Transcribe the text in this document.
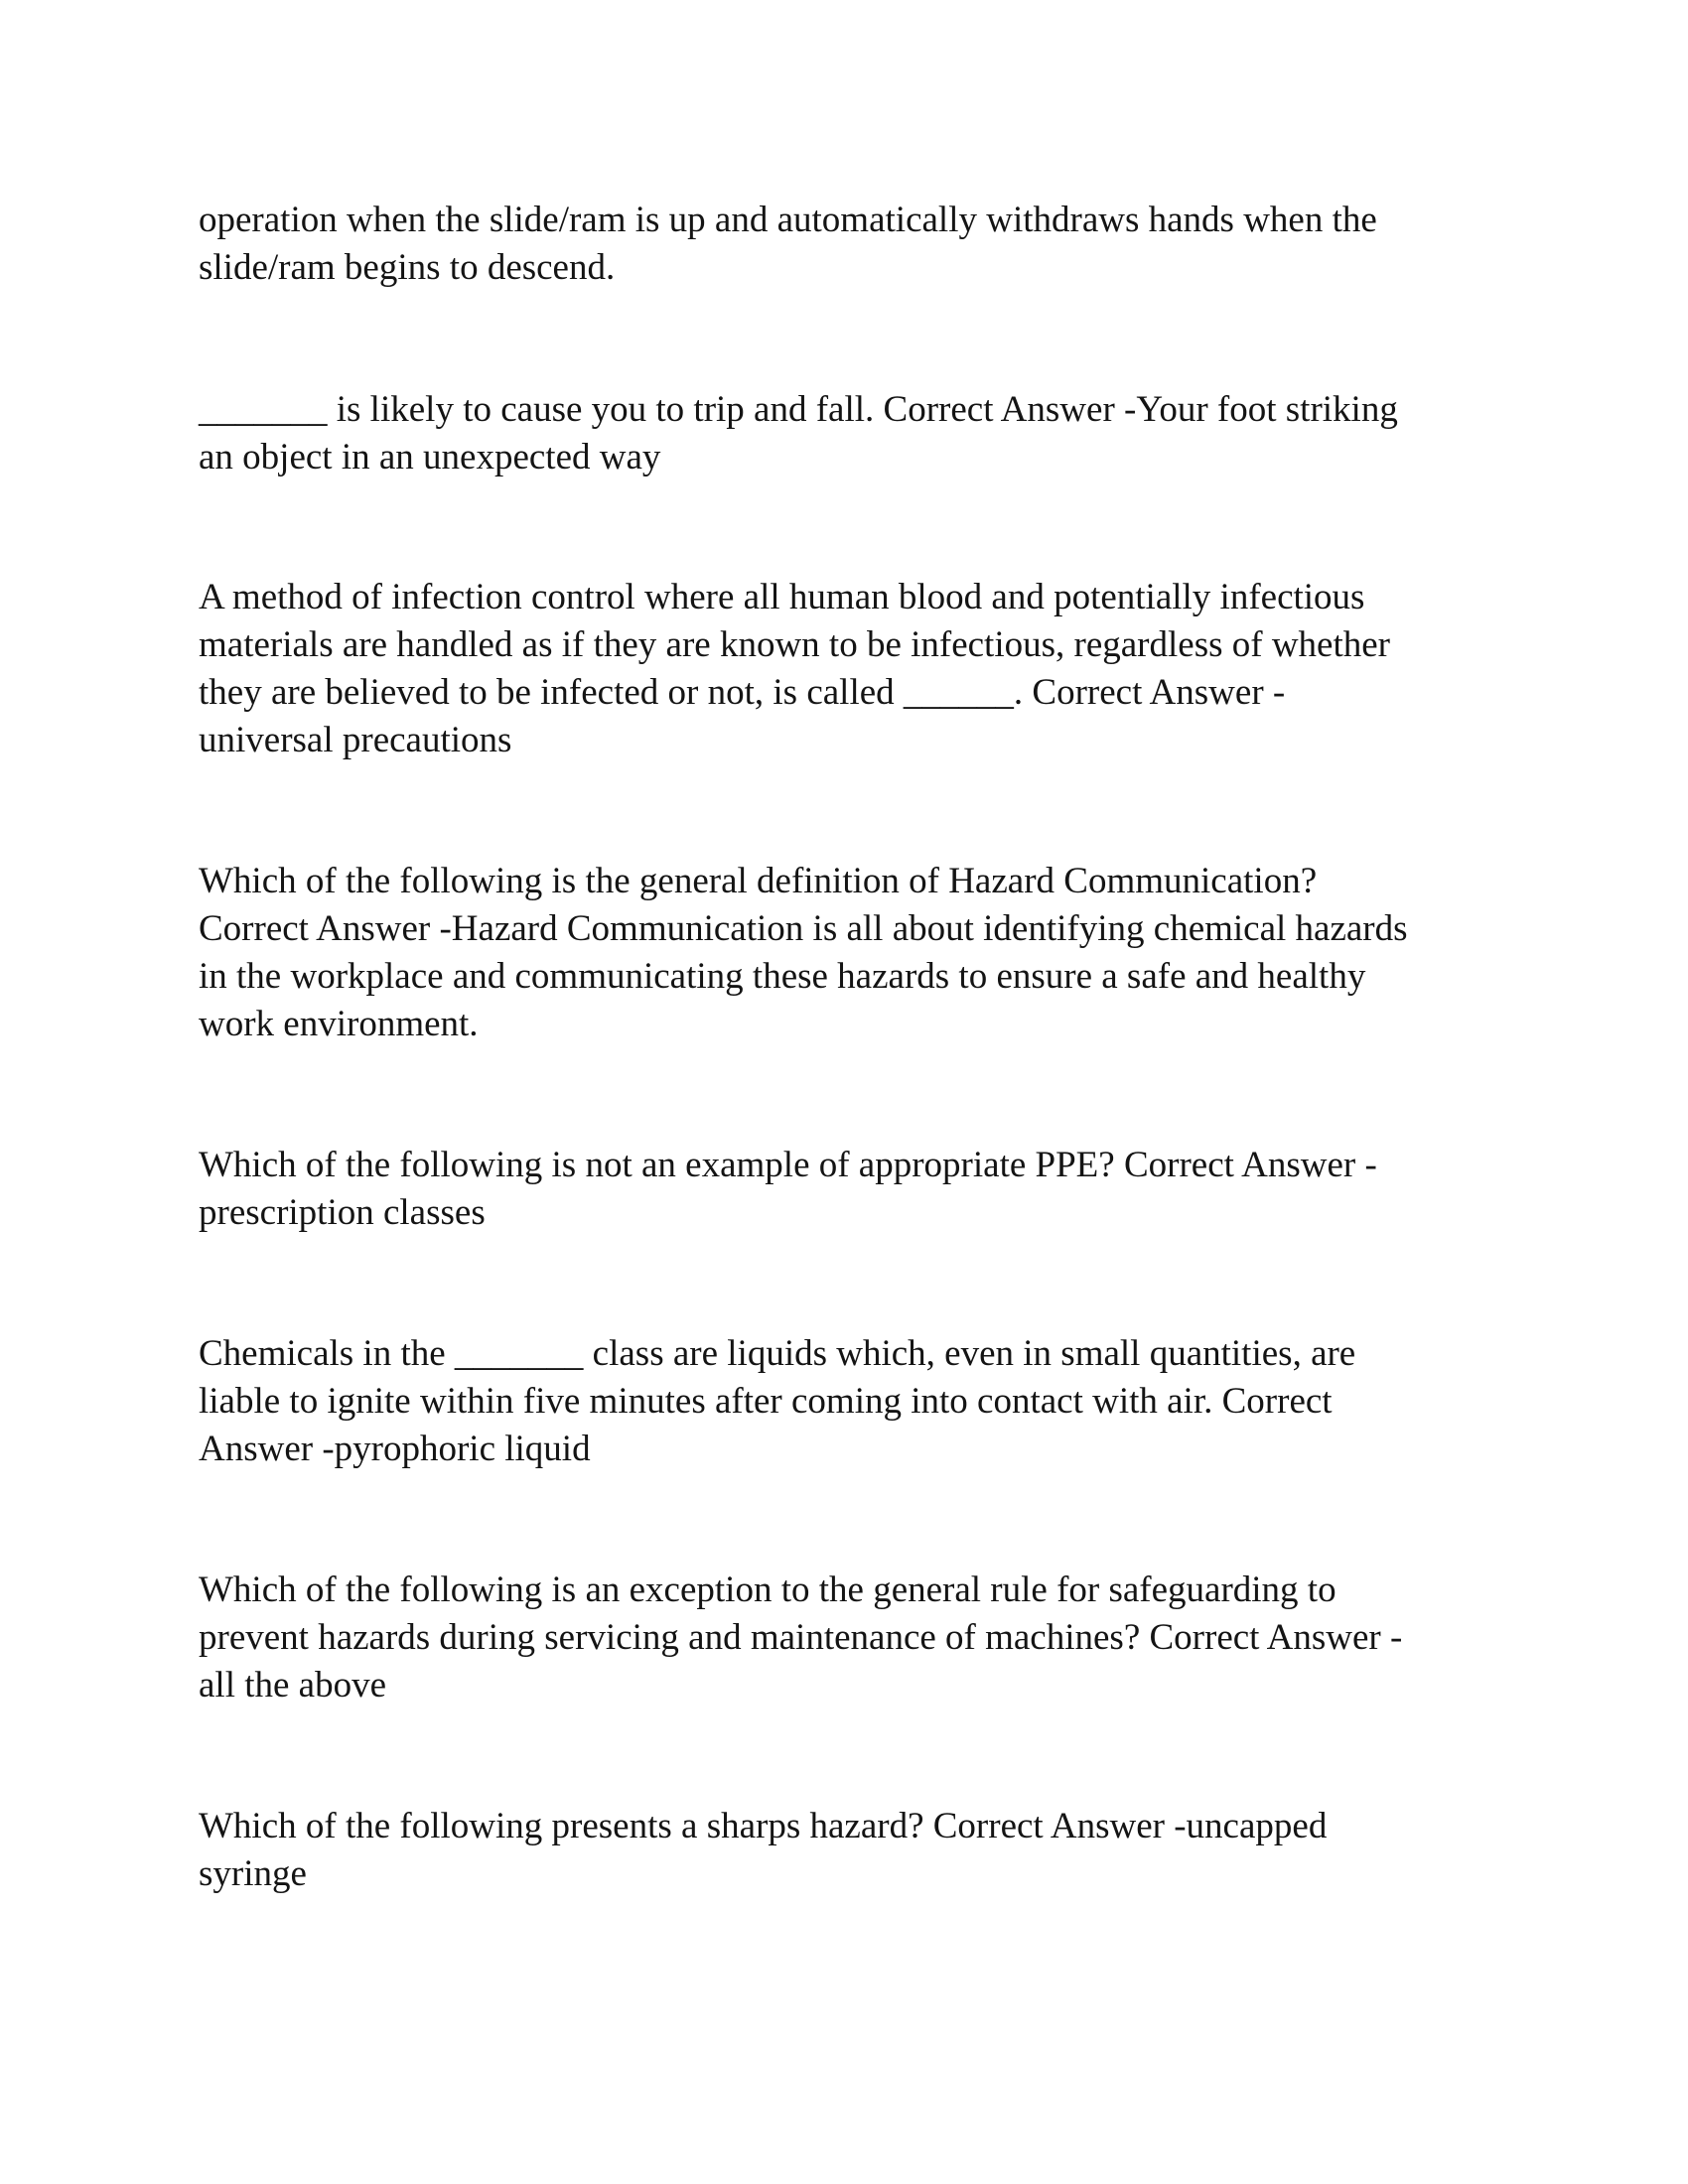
operation when the slide/ram is up and automatically withdraws hands when the
slide/ram begins to descend.

_______ is likely to cause you to trip and fall. Correct Answer -Your foot striking
an object in an unexpected way

A method of infection control where all human blood and potentially infectious
materials are handled as if they are known to be infectious, regardless of whether
they are believed to be infected or not, is called ______. Correct Answer -
universal precautions

Which of the following is the general definition of Hazard Communication?
Correct Answer -Hazard Communication is all about identifying chemical hazards
in the workplace and communicating these hazards to ensure a safe and healthy
work environment.

Which of the following is not an example of appropriate PPE? Correct Answer -
prescription classes

Chemicals in the _______ class are liquids which, even in small quantities, are
liable to ignite within five minutes after coming into contact with air. Correct
Answer -pyrophoric liquid

Which of the following is an exception to the general rule for safeguarding to
prevent hazards during servicing and maintenance of machines? Correct Answer -
all the above

Which of the following presents a sharps hazard? Correct Answer -uncapped
syringe
